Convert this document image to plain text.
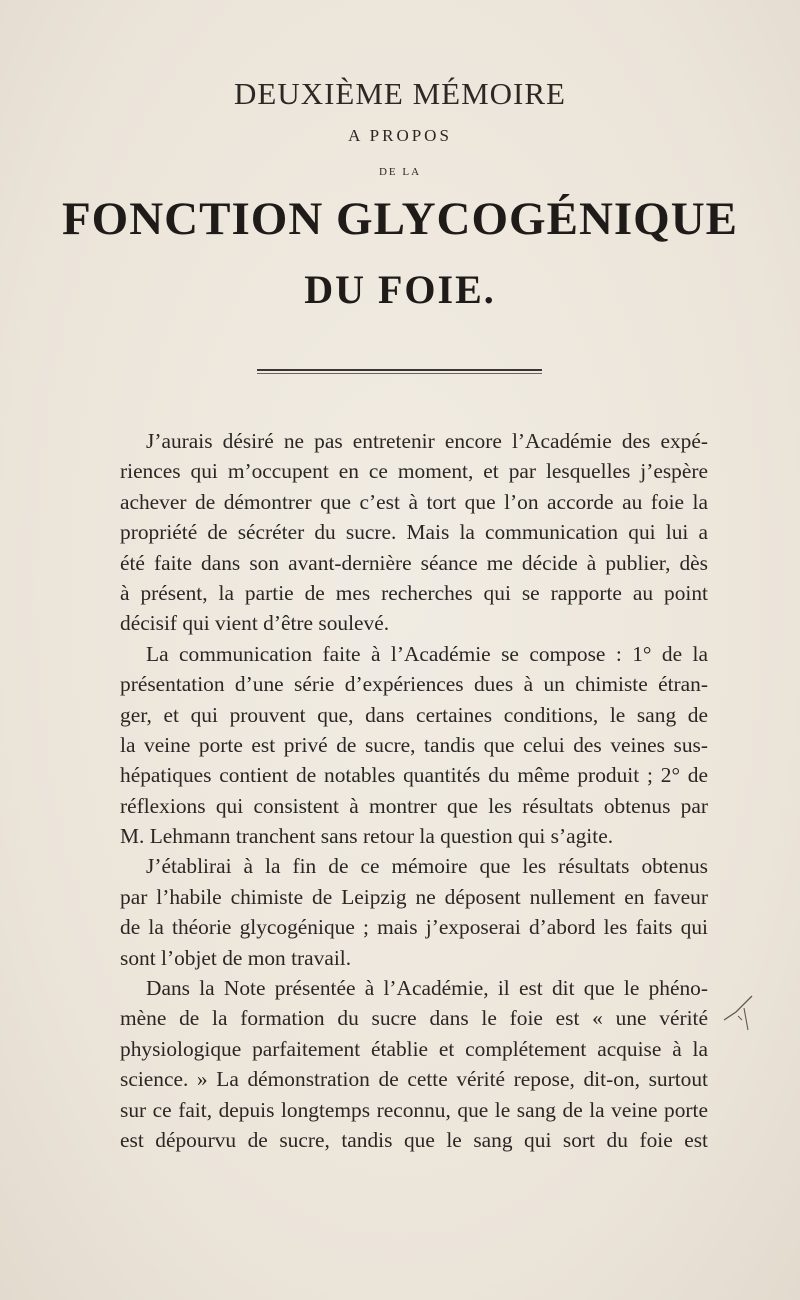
DEUXIÈME MÉMOIRE
A PROPOS
DE LA
FONCTION GLYCOGÉNIQUE
DU FOIE.
J’aurais désiré ne pas entretenir encore l’Académie des expé-
riences qui m’occupent en ce moment, et par lesquelles j’espère
achever de démontrer que c’est à tort que l’on accorde au foie la
propriété de sécréter du sucre. Mais la communication qui lui a
été faite dans son avant-dernière séance me décide à publier, dès
à présent, la partie de mes recherches qui se rapporte au point
décisif qui vient d’être soulevé.
La communication faite à l’Académie se compose : 1° de la
présentation d’une série d’expériences dues à un chimiste étran-
ger, et qui prouvent que, dans certaines conditions, le sang de
la veine porte est privé de sucre, tandis que celui des veines sus-
hépatiques contient de notables quantités du même produit ; 2° de
réflexions qui consistent à montrer que les résultats obtenus par
M. Lehmann tranchent sans retour la question qui s’agite.
J’établirai à la fin de ce mémoire que les résultats obtenus
par l’habile chimiste de Leipzig ne déposent nullement en faveur
de la théorie glycogénique ; mais j’exposerai d’abord les faits qui
sont l’objet de mon travail.
Dans la Note présentée à l’Académie, il est dit que le phéno-
mène de la formation du sucre dans le foie est « une vérité
physiologique parfaitement établie et complétement acquise à la
science. » La démonstration de cette vérité repose, dit-on, surtout
sur ce fait, depuis longtemps reconnu, que le sang de la veine porte
est dépourvu de sucre, tandis que le sang qui sort du foie est
